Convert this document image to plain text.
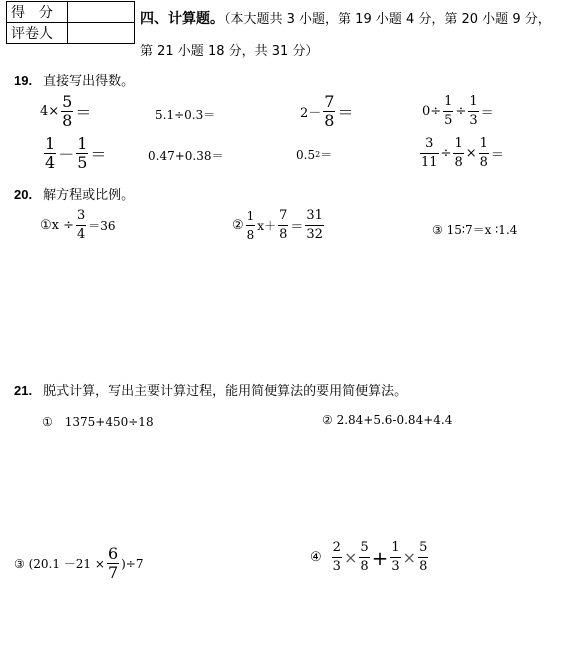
得　分	
评卷人	
四、计算题。（本大题共 3 小题，第 19 小题 4 分，第 20 小题 9 分，
第 21 小题 18 分，共 31 分）
19. 直接写出得数。
$4\times \frac{5}{8}$ ＝	5.1÷0.3＝	$2- \frac{7}{8}$ ＝	$0\div \frac{1}{5} \div \frac{1}{3}$ ＝
$\frac{1}{4} - \frac{1}{5}$ ＝	0.47+0.38＝	0.5 2 ＝	$\frac{3}{11} \div \frac{1}{8} \times \frac{1}{8}$ ＝
20. 解方程或比例。
①x ÷ $\frac{3}{4} =36$	② $\frac{1}{8} x+ \frac{7}{8} = \frac{31}{32}$	③ 15∶7＝x ∶1.4
21. 脱式计算，写出主要计算过程，能用简便算法的要用简便算法。
①　1375+450÷18	② 2.84+5.6-0.84+4.4
③ $(20.1 -21 \times \frac{6}{7} )\div 7$	④ $\frac{2}{3} \times \frac{5}{8} + \frac{1}{3} \times \frac{5}{8}$
